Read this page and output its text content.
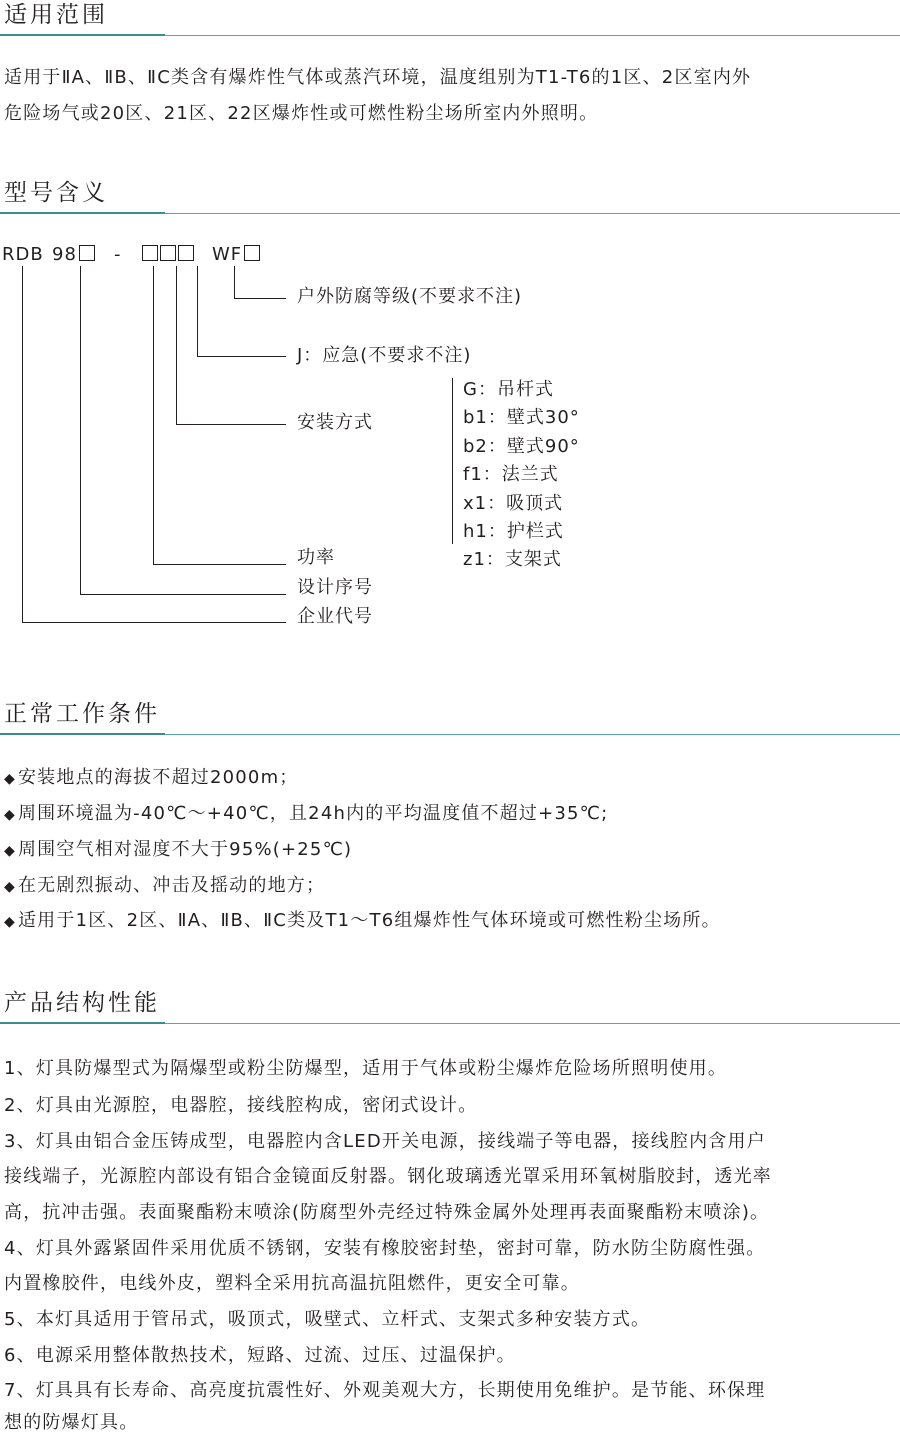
适用范围
适用于ⅡA、ⅡB、ⅡC类含有爆炸性气体或蒸汽环境，温度组别为T1-T6的1区、2区室内外
危险场气或20区、21区、22区爆炸性或可燃性粉尘场所室内外照明。
型号含义
RDB 98	-	WF
户外防腐等级(不要求不注)
J：应急(不要求不注)
安装方式
功率
设计序号
企业代号
G：吊杆式
b1：壁式30°
b2：壁式90°
f1：法兰式
x1：吸顶式
h1：护栏式
z1：支架式
正常工作条件
◆ 安装地点的海拔不超过2000m；
◆ 周围环境温为-40℃～+40℃，且24h内的平均温度值不超过+35℃;
◆ 周围空气相对湿度不大于95%(+25℃)
◆ 在无剧烈振动、冲击及摇动的地方；
◆ 适用于1区、2区、ⅡA、ⅡB、ⅡC类及T1～T6组爆炸性气体环境或可燃性粉尘场所。
产品结构性能
1、灯具防爆型式为隔爆型或粉尘防爆型，适用于气体或粉尘爆炸危险场所照明使用。
2、灯具由光源腔，电器腔，接线腔构成，密闭式设计。
3、灯具由铝合金压铸成型，电器腔内含LED开关电源，接线端子等电器，接线腔内含用户
接线端子，光源腔内部设有铝合金镜面反射器。钢化玻璃透光罩采用环氧树脂胶封，透光率
高，抗冲击强。表面聚酯粉末喷涂(防腐型外壳经过特殊金属外处理再表面聚酯粉末喷涂)。
4、灯具外露紧固件采用优质不锈钢，安装有橡胶密封垫，密封可靠，防水防尘防腐性强。
内置橡胶件，电线外皮，塑料全采用抗高温抗阻燃件，更安全可靠。
5、本灯具适用于管吊式，吸顶式，吸壁式、立杆式、支架式多种安装方式。
6、电源采用整体散热技术，短路、过流、过压、过温保护。
7、灯具具有长寿命、高亮度抗震性好、外观美观大方，长期使用免维护。是节能、环保理
想的防爆灯具。
